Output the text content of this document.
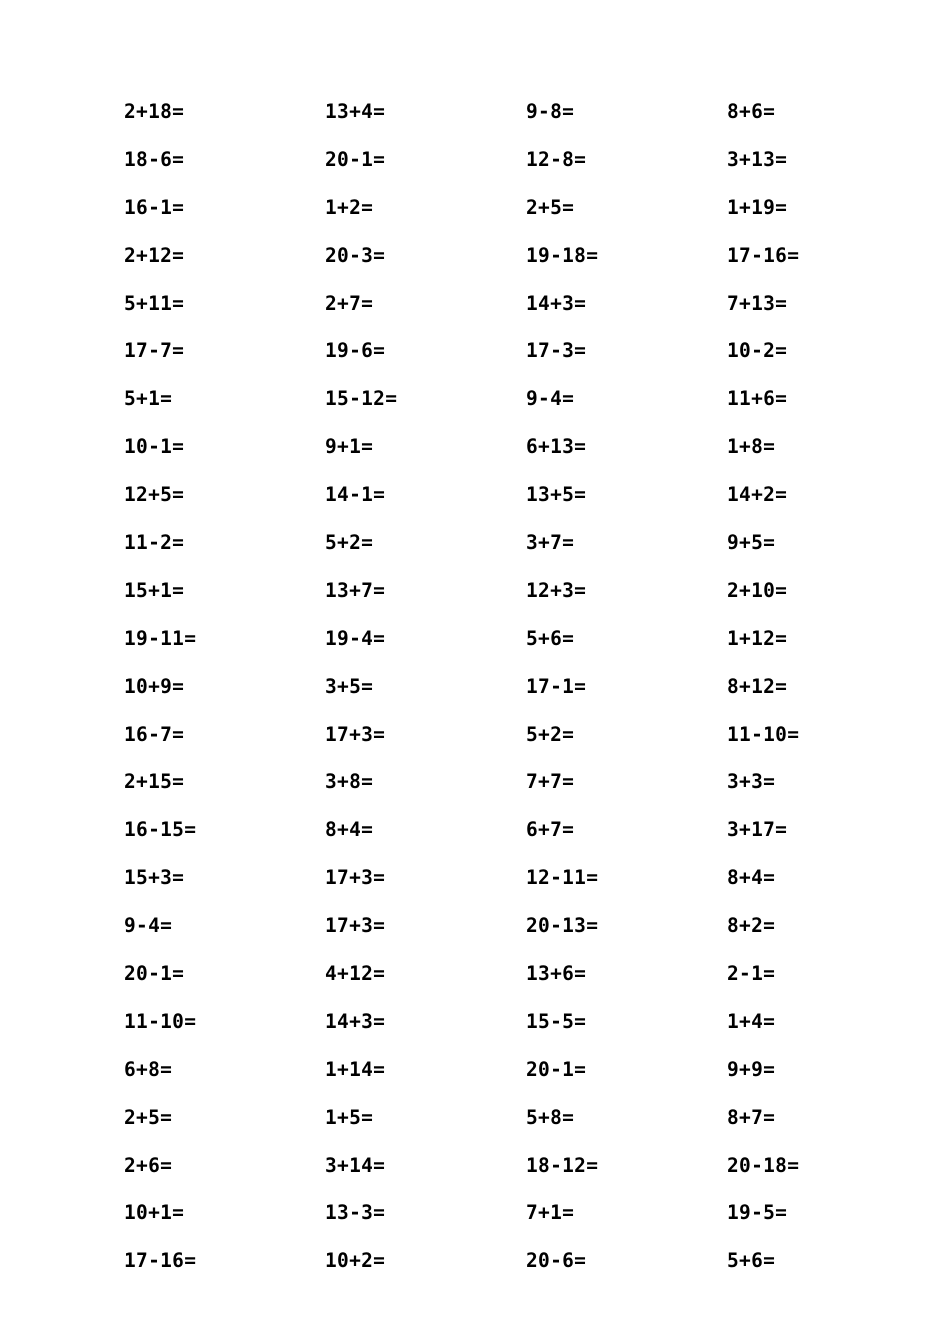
2+18=
18-6=
16-1=
2+12=
5+11=
17-7=
5+1=
10-1=
12+5=
11-2=
15+1=
19-11=
10+9=
16-7=
2+15=
16-15=
15+3=
9-4=
20-1=
11-10=
6+8=
2+5=
2+6=
10+1=
17-16=
13+4=
20-1=
1+2=
20-3=
2+7=
19-6=
15-12=
9+1=
14-1=
5+2=
13+7=
19-4=
3+5=
17+3=
3+8=
8+4=
17+3=
17+3=
4+12=
14+3=
1+14=
1+5=
3+14=
13-3=
10+2=
9-8=
12-8=
2+5=
19-18=
14+3=
17-3=
9-4=
6+13=
13+5=
3+7=
12+3=
5+6=
17-1=
5+2=
7+7=
6+7=
12-11=
20-13=
13+6=
15-5=
20-1=
5+8=
18-12=
7+1=
20-6=
8+6=
3+13=
1+19=
17-16=
7+13=
10-2=
11+6=
1+8=
14+2=
9+5=
2+10=
1+12=
8+12=
11-10=
3+3=
3+17=
8+4=
8+2=
2-1=
1+4=
9+9=
8+7=
20-18=
19-5=
5+6=
